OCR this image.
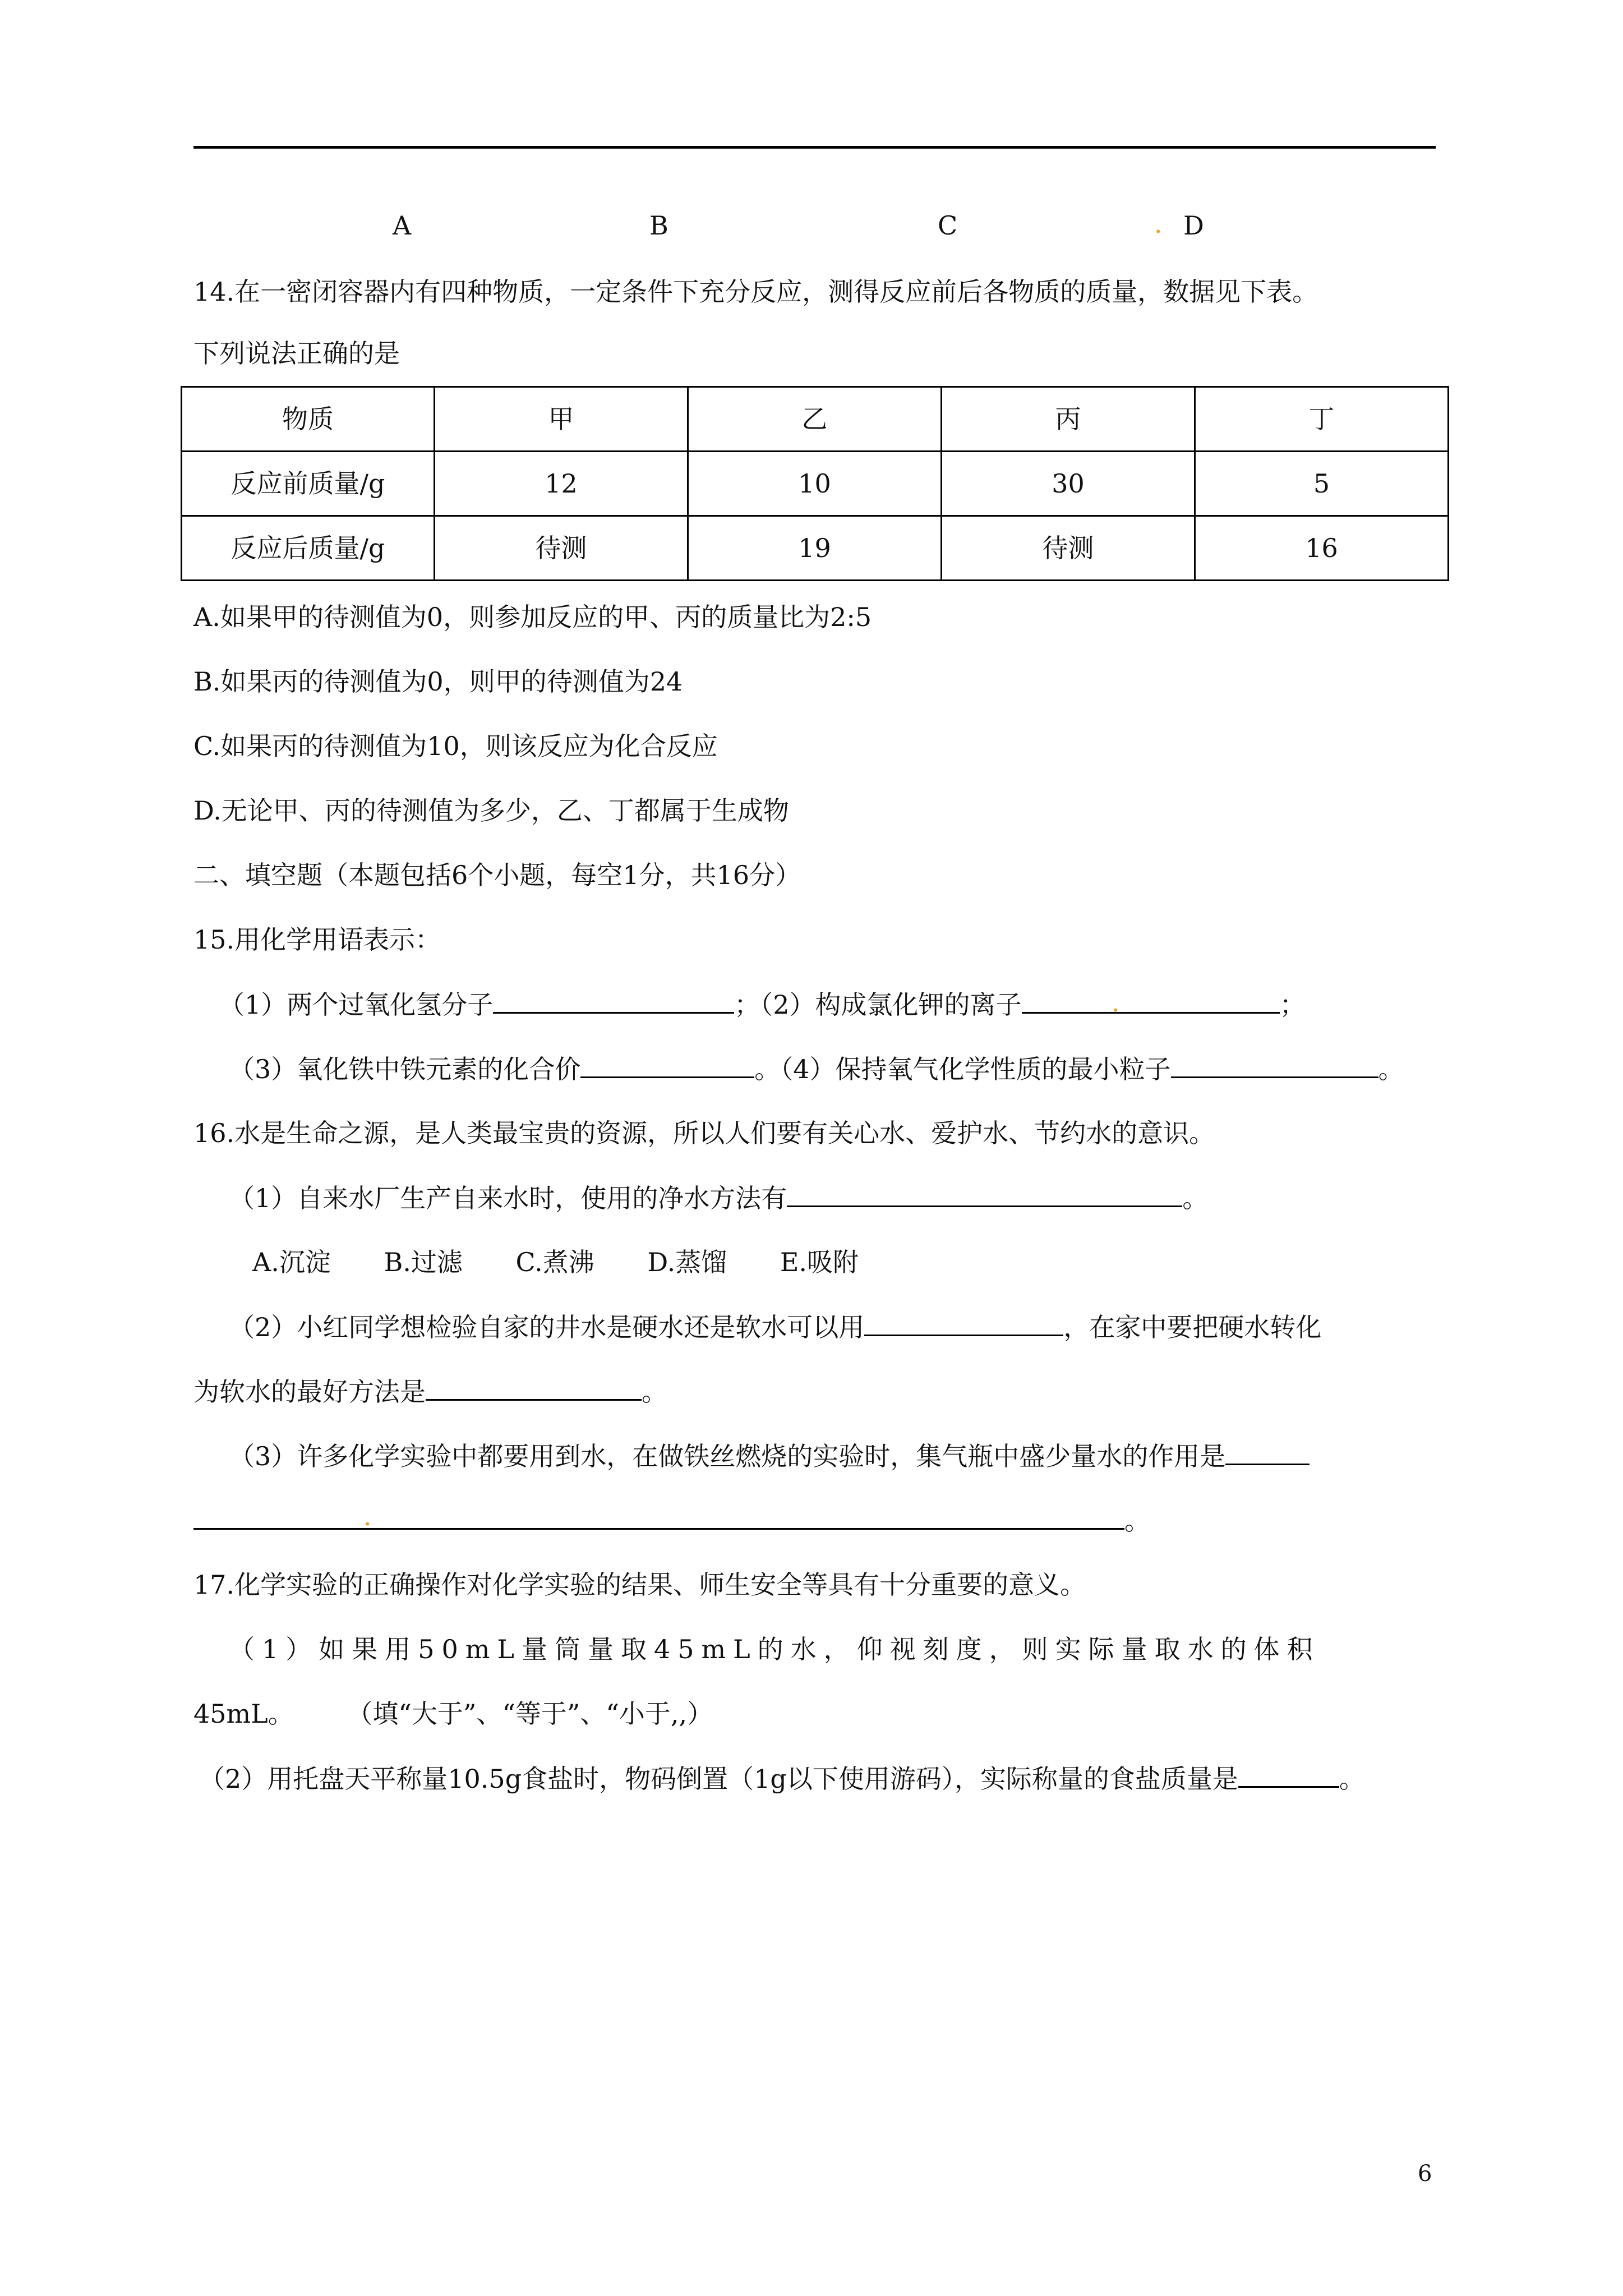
A	B	C	. D
14.在一密闭容器内有四种物质，一定条件下充分反应，测得反应前后各物质的质量，数据见下表。
下列说法正确的是
物质	甲	乙	丙	丁
反应前质量/g	12	10	30	5
反应后质量/g	待测	19	待测	16
A.如果甲的待测值为0，则参加反应的甲、丙的质量比为2:5
B.如果丙的待测值为0，则甲的待测值为24
C.如果丙的待测值为10，则该反应为化合反应
D.无论甲、丙的待测值为多少，乙、丁都属于生成物
二、填空题（本题包括6个小题，每空1分，共16分）
15.用化学用语表示：
（1）两个过氧化氢分子	；（2）构成氯化钾的离子	；
.
（3）氧化铁中铁元素的化合价	。（4）保持氧气化学性质的最小粒子	。
16.水是生命之源，是人类最宝贵的资源，所以人们要有关心水、爱护水、节约水的意识。
（1）自来水厂生产自来水时，使用的净水方法有	。
A.沉淀 B.过滤 C.煮沸 D.蒸馏 E.吸附
（2）小红同学想检验自家的井水是硬水还是软水可以用	，在家中要把硬水转化
为软水的最好方法是	。
（3）许多化学实验中都要用到水，在做铁丝燃烧的实验时，集气瓶中盛少量水的作用是
。
.
17.化学实验的正确操作对化学实验的结果、师生安全等具有十分重要的意义。
（1）如果用50mL量筒量取45mL的水，仰视刻度，则实际量取水的体积
45mL。 （填“大于”、“等于”、“小于,,）
（2）用托盘天平称量10.5g食盐时，物码倒置（1g以下使用游码），实际称量的食盐质量是	。
6
